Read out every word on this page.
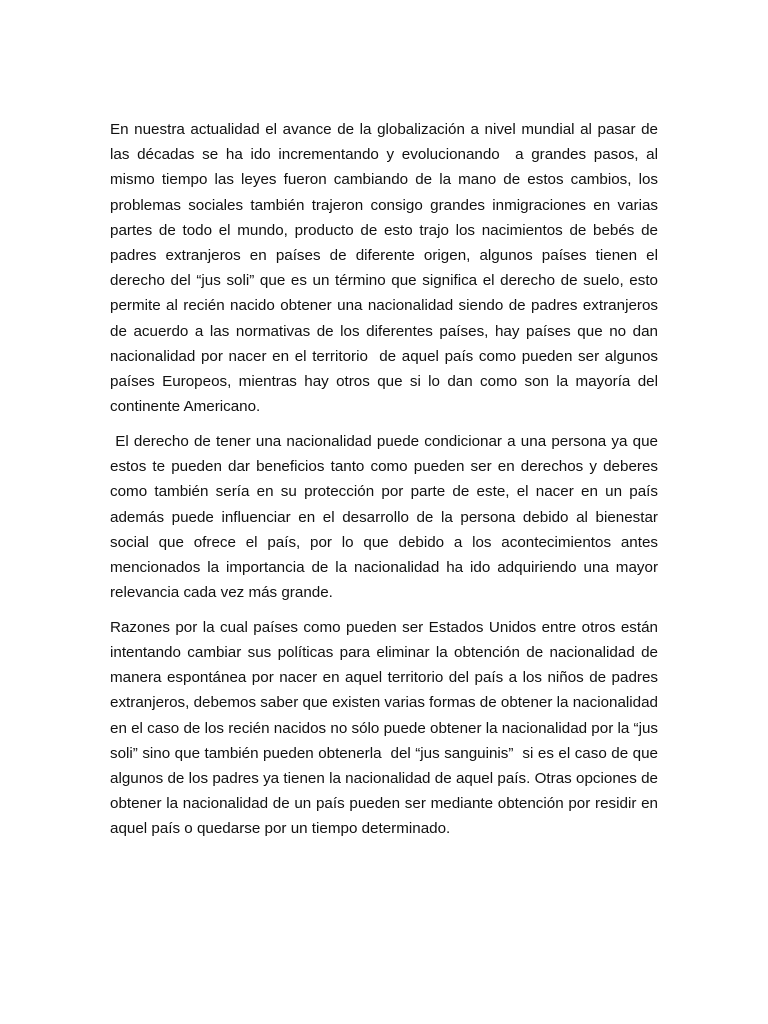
En nuestra actualidad el avance de la globalización a nivel mundial al pasar de las décadas se ha ido incrementando y evolucionando  a grandes pasos, al mismo tiempo las leyes fueron cambiando de la mano de estos cambios, los problemas sociales también trajeron consigo grandes inmigraciones en varias partes de todo el mundo, producto de esto trajo los nacimientos de bebés de padres extranjeros en países de diferente origen, algunos países tienen el derecho del “jus soli” que es un término que significa el derecho de suelo, esto permite al recién nacido obtener una nacionalidad siendo de padres extranjeros de acuerdo a las normativas de los diferentes países, hay países que no dan nacionalidad por nacer en el territorio  de aquel país como pueden ser algunos países Europeos, mientras hay otros que si lo dan como son la mayoría del continente Americano.

El derecho de tener una nacionalidad puede condicionar a una persona ya que estos te pueden dar beneficios tanto como pueden ser en derechos y deberes como también sería en su protección por parte de este, el nacer en un país además puede influenciar en el desarrollo de la persona debido al bienestar social que ofrece el país, por lo que debido a los acontecimientos antes mencionados la importancia de la nacionalidad ha ido adquiriendo una mayor relevancia cada vez más grande.

Razones por la cual países como pueden ser Estados Unidos entre otros están intentando cambiar sus políticas para eliminar la obtención de nacionalidad de manera espontánea por nacer en aquel territorio del país a los niños de padres extranjeros, debemos saber que existen varias formas de obtener la nacionalidad en el caso de los recién nacidos no sólo puede obtener la nacionalidad por la “jus soli” sino que también pueden obtenerla  del “jus sanguinis”  si es el caso de que algunos de los padres ya tienen la nacionalidad de aquel país. Otras opciones de obtener la nacionalidad de un país pueden ser mediante obtención por residir en aquel país o quedarse por un tiempo determinado.
